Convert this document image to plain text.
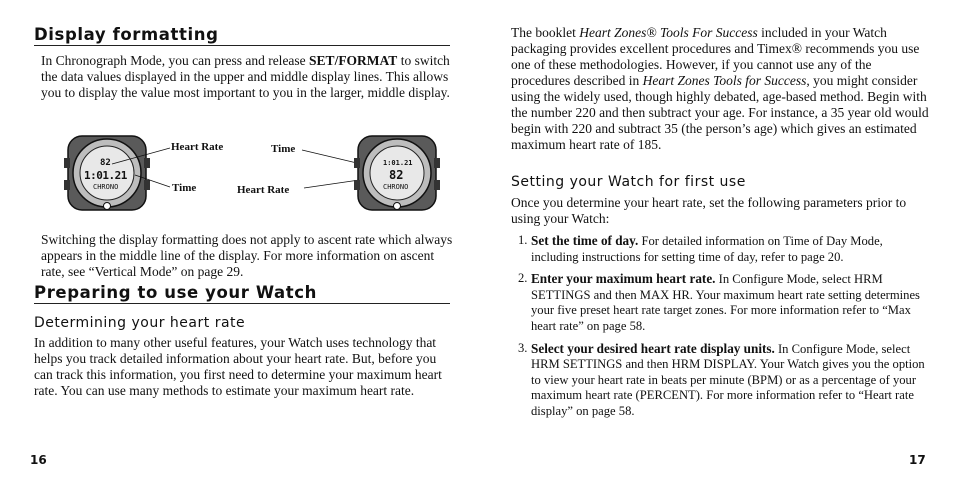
Display formatting

In Chronograph Mode, you can press and release SET/FORMAT to switch the data values displayed in the upper and middle display lines. This allows you to display the value most important to you in the larger, middle display.

82
1:01.21
CHRONO
Heart Rate
Time
Time
Heart Rate
1:01.21
82
CHRONO

Switching the display formatting does not apply to ascent rate which always appears in the middle line of the display. For more information on ascent rate, see “Vertical Mode” on page 29.

Preparing to use your Watch
Determining your heart rate

In addition to many other useful features, your Watch uses technology that helps you track detailed information about your heart rate. But, before you can track this information, you first need to determine your maximum heart rate. You can use many methods to estimate your maximum heart rate.

16

The booklet Heart Zones® Tools For Success included in your Watch packaging provides excellent procedures and Timex® recommends you use one of these methodologies. However, if you cannot use any of the procedures described in Heart Zones Tools for Success, you might consider using the widely used, though highly debated, age-based method. Begin with the number 220 and then subtract your age. For instance, a 35 year old would begin with 220 and subtract 35 (the person’s age) which gives an estimated maximum heart rate of 185.

Setting your Watch for first use

Once you determine your heart rate, set the following parameters prior to using your Watch:

1. Set the time of day. For detailed information on Time of Day Mode, including instructions for setting time of day, refer to page 20.
2. Enter your maximum heart rate. In Configure Mode, select HRM SETTINGS and then MAX HR. Your maximum heart rate setting determines your five preset heart rate target zones. For more information refer to “Max heart rate” on page 58.
3. Select your desired heart rate display units. In Configure Mode, select HRM SETTINGS and then HRM DISPLAY. Your Watch gives you the option to view your heart rate in beats per minute (BPM) or as a percentage of your maximum heart rate (PERCENT). For more information refer to “Heart rate display” on page 58.
17
